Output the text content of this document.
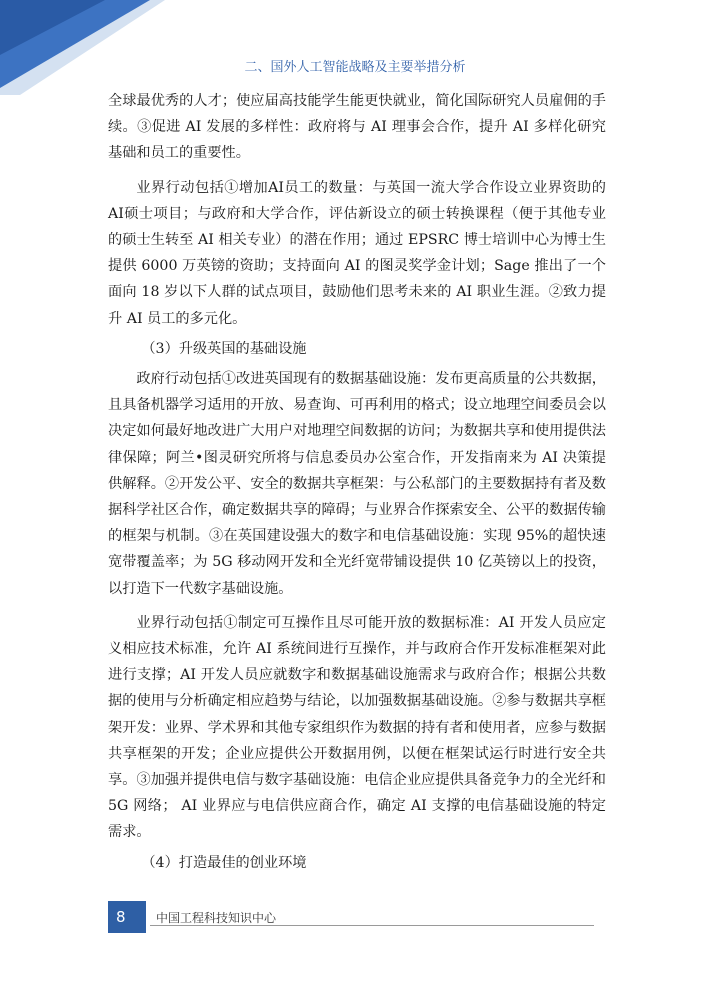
二、国外人工智能战略及主要举措分析

全球最优秀的人才；使应届高技能学生能更快就业，简化国际研究人员雇佣的手续。③促进 AI 发展的多样性：政府将与 AI 理事会合作，提升 AI 多样化研究基础和员工的重要性。

业界行动包括①增加AI员工的数量：与英国一流大学合作设立业界资助的AI硕士项目；与政府和大学合作，评估新设立的硕士转换课程（便于其他专业的硕士生转至 AI 相关专业）的潜在作用；通过 EPSRC 博士培训中心为博士生提供 6000 万英镑的资助；支持面向 AI 的图灵奖学金计划；Sage 推出了一个面向 18 岁以下人群的试点项目，鼓励他们思考未来的 AI 职业生涯。②致力提升 AI 员工的多元化。

（3）升级英国的基础设施

政府行动包括①改进英国现有的数据基础设施：发布更高质量的公共数据，且具备机器学习适用的开放、易查询、可再利用的格式；设立地理空间委员会以决定如何最好地改进广大用户对地理空间数据的访问；为数据共享和使用提供法律保障；阿兰•图灵研究所将与信息委员办公室合作，开发指南来为 AI 决策提供解释。②开发公平、安全的数据共享框架：与公私部门的主要数据持有者及数据科学社区合作，确定数据共享的障碍；与业界合作探索安全、公平的数据传输的框架与机制。③在英国建设强大的数字和电信基础设施：实现 95%的超快速宽带覆盖率；为 5G 移动网开发和全光纤宽带铺设提供 10 亿英镑以上的投资，以打造下一代数字基础设施。

业界行动包括①制定可互操作且尽可能开放的数据标准：AI 开发人员应定义相应技术标准，允许 AI 系统间进行互操作，并与政府合作开发标准框架对此进行支撑；AI 开发人员应就数字和数据基础设施需求与政府合作；根据公共数据的使用与分析确定相应趋势与结论，以加强数据基础设施。②参与数据共享框架开发：业界、学术界和其他专家组织作为数据的持有者和使用者，应参与数据共享框架的开发；企业应提供公开数据用例，以便在框架试运行时进行安全共享。③加强并提供电信与数字基础设施：电信企业应提供具备竞争力的全光纤和 5G 网络； AI 业界应与电信供应商合作，确定 AI 支撑的电信基础设施的特定需求。

（4）打造最佳的创业环境

8	中国工程科技知识中心
